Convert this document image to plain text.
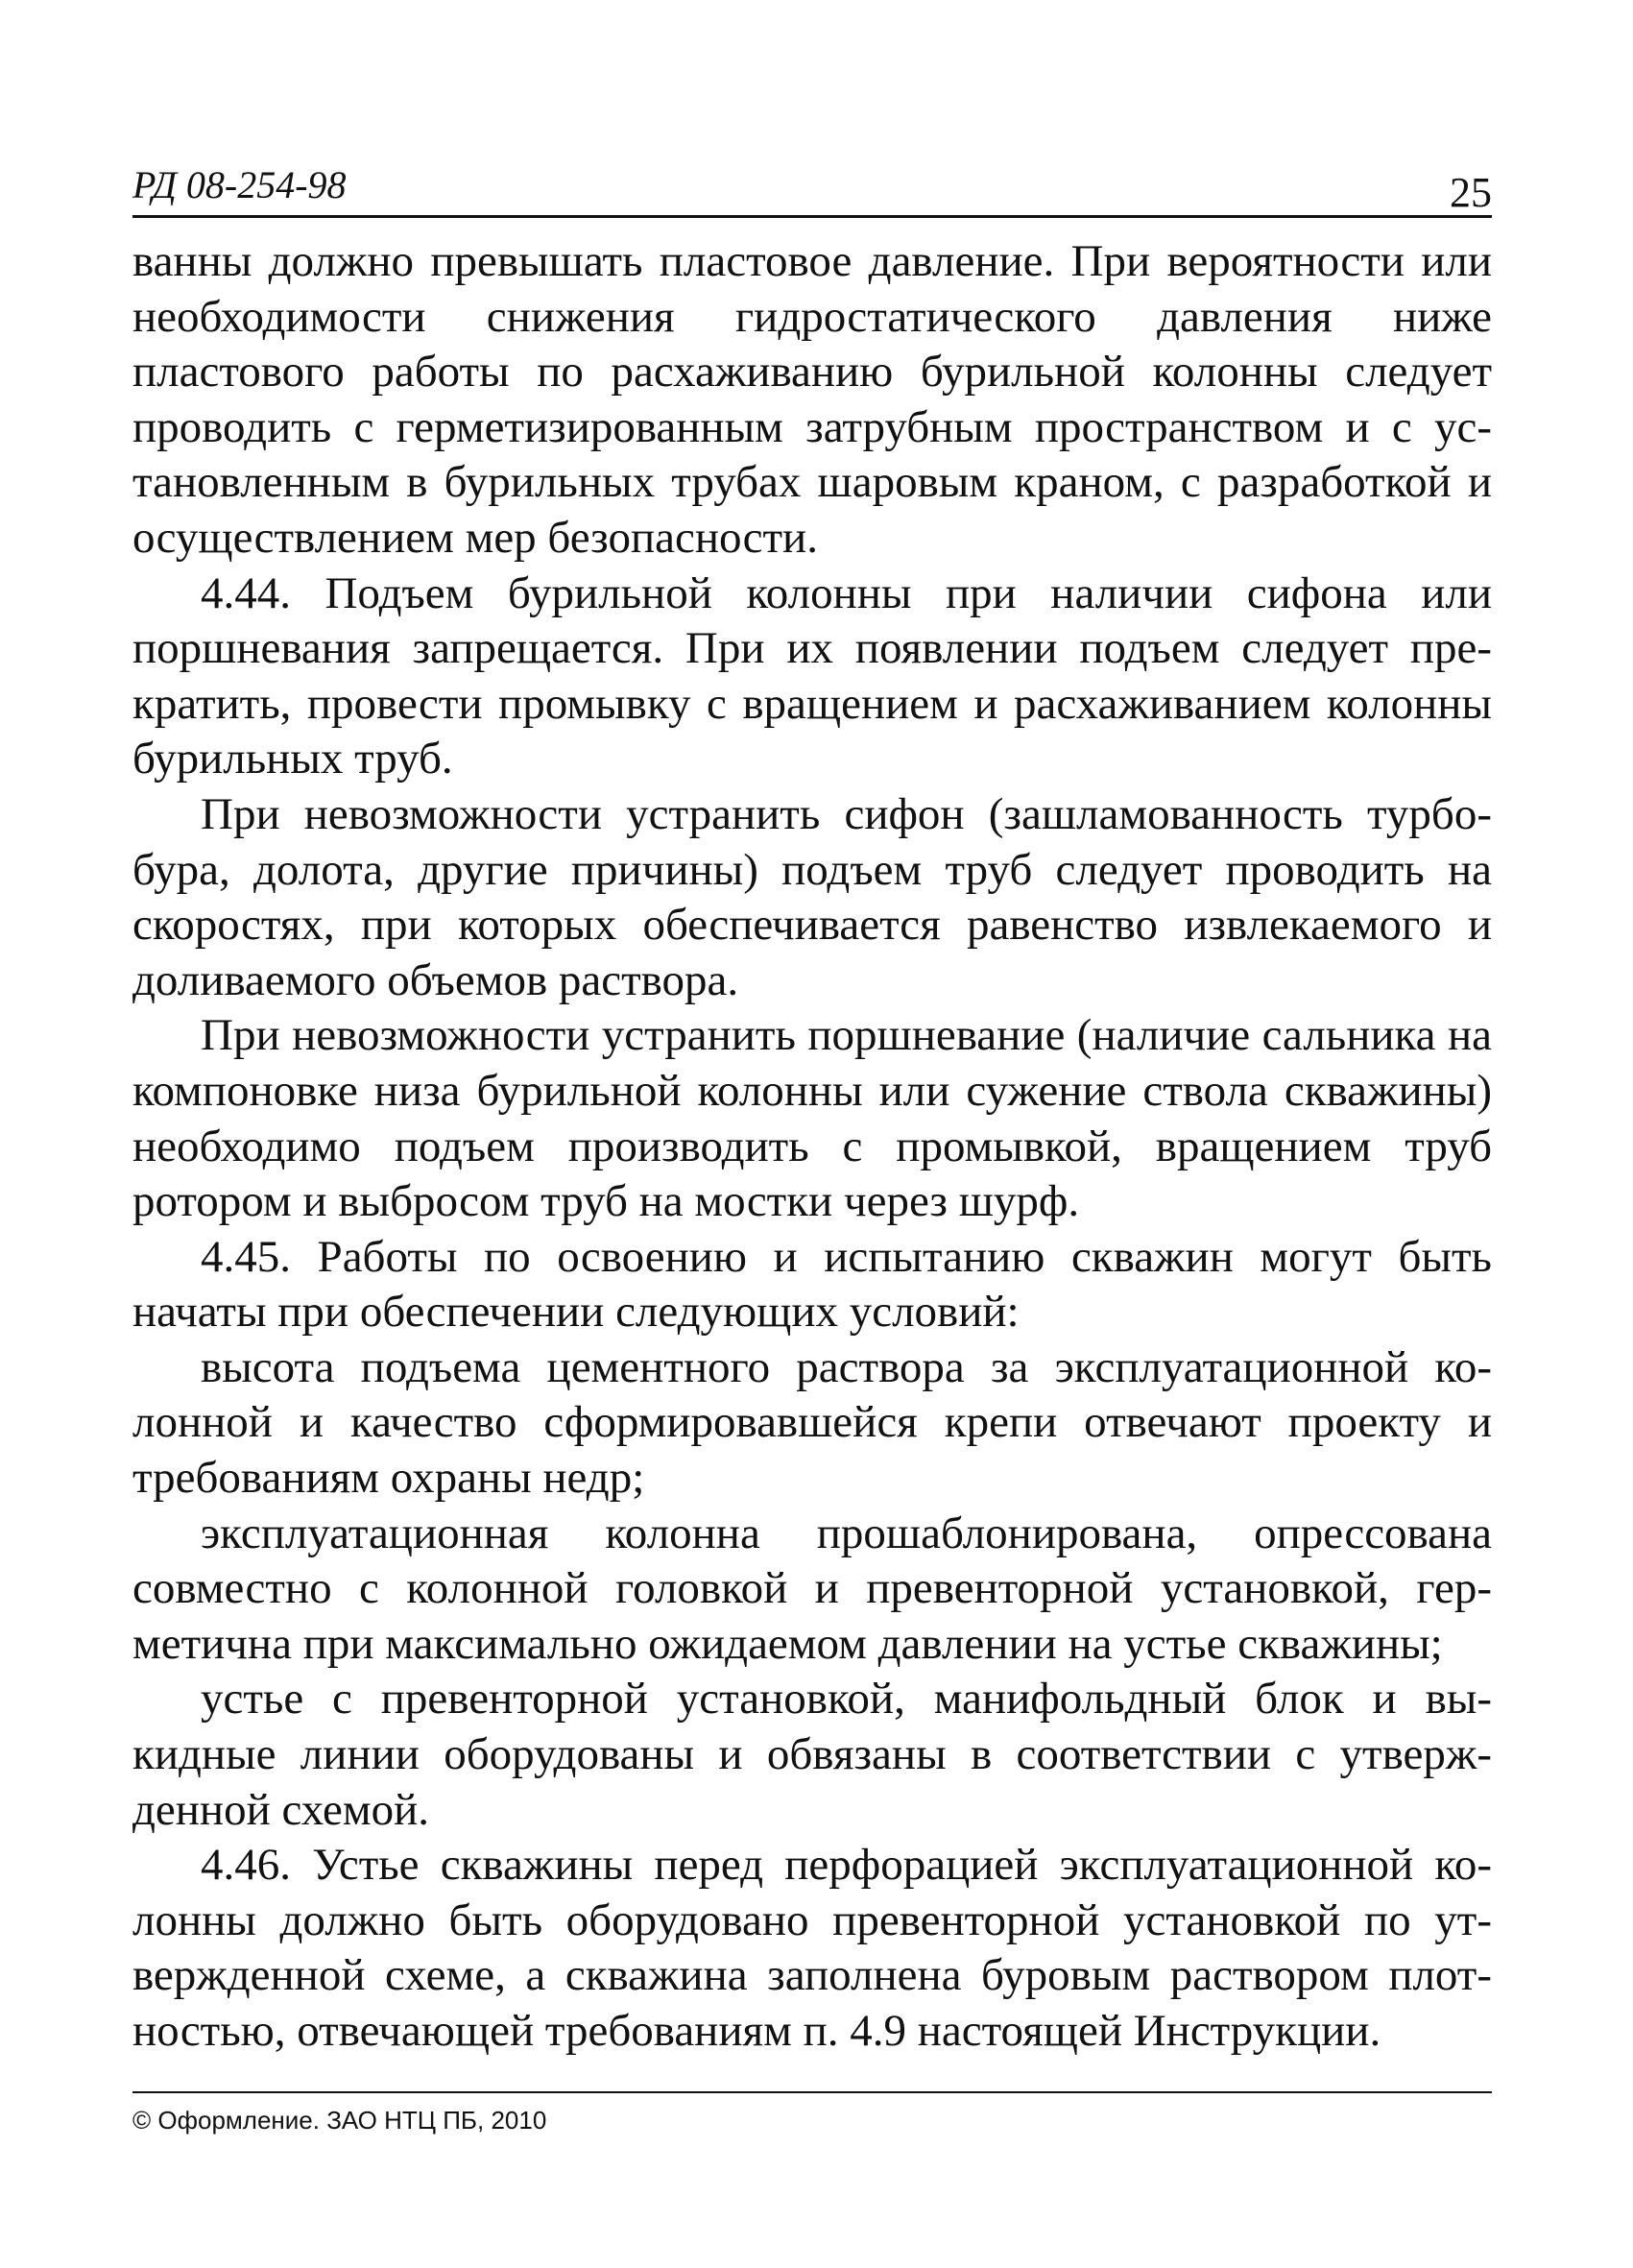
РД 08-254-98	25

ванны должно превышать пластовое давление. При вероятности или необходимости снижения гидростатического давления ниже пластового работы по расхаживанию бурильной колонны следует проводить с герметизированным затрубным пространством и с установленным в бурильных трубах шаровым краном, с разработкой и осуществлением мер безопасности.

4.44. Подъем бурильной колонны при наличии сифона или поршневания запрещается. При их появлении подъем следует прекратить, провести промывку с вращением и расхаживанием колонны бурильных труб.

При невозможности устранить сифон (зашламованность турбобура, долота, другие причины) подъем труб следует проводить на скоростях, при которых обеспечивается равенство извлекаемого и доливаемого объемов раствора.

При невозможности устранить поршневание (наличие сальника на компоновке низа бурильной колонны или сужение ствола скважины) необходимо подъем производить с промывкой, вращением труб ротором и выбросом труб на мостки через шурф.

4.45. Работы по освоению и испытанию скважин могут быть начаты при обеспечении следующих условий:

высота подъема цементного раствора за эксплуатационной колонной и качество сформировавшейся крепи отвечают проекту и требованиям охраны недр;

эксплуатационная колонна прошаблонирована, опрессована совместно с колонной головкой и превенторной установкой, герметична при максимально ожидаемом давлении на устье скважины;

устье с превенторной установкой, манифольдный блок и выкидные линии оборудованы и обвязаны в соответствии с утвержденной схемой.

4.46. Устье скважины перед перфорацией эксплуатационной колонны должно быть оборудовано превенторной установкой по утвержденной схеме, а скважина заполнена буровым раствором плотностью, отвечающей требованиям п. 4.9 настоящей Инструкции.

© Оформление. ЗАО НТЦ ПБ, 2010
